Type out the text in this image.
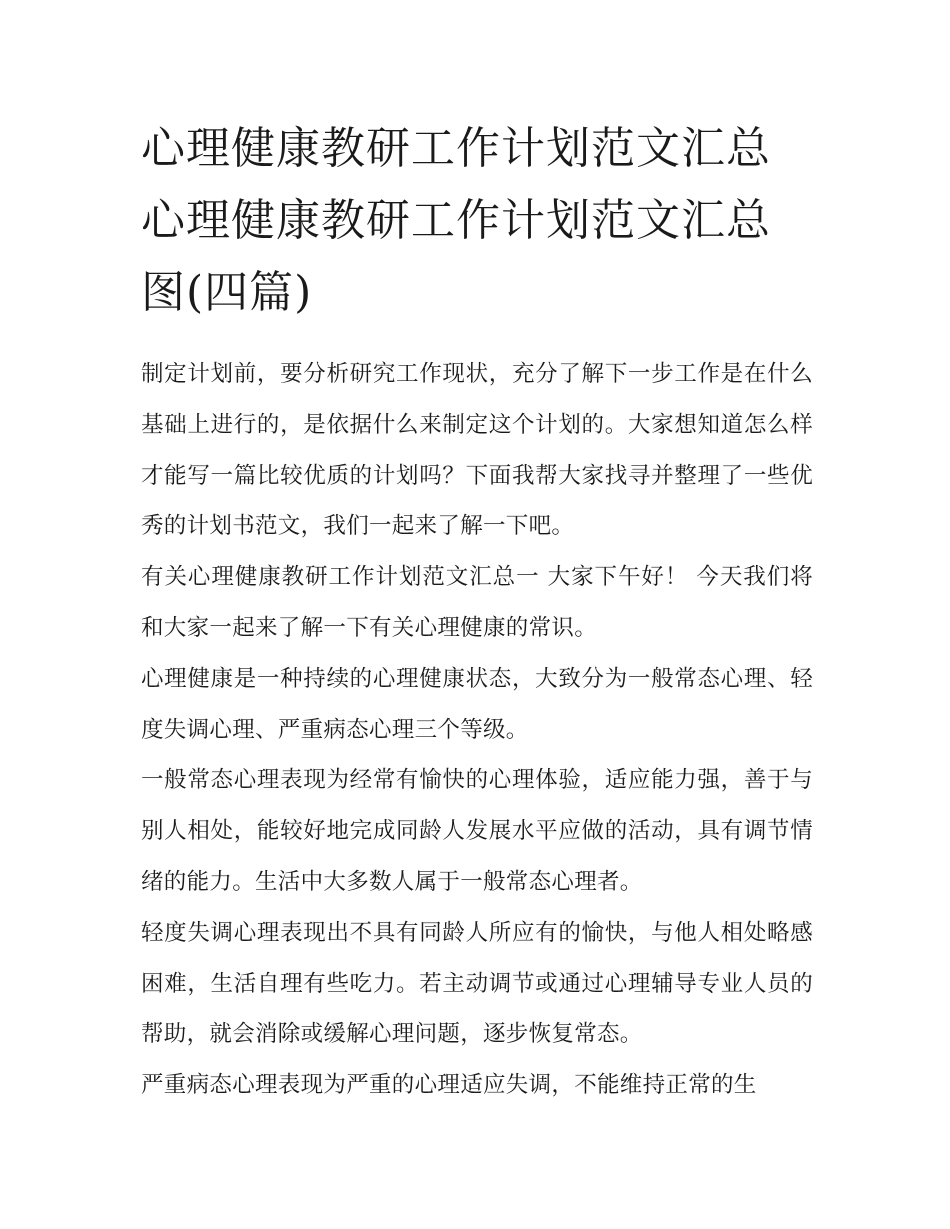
心理健康教研工作计划范文汇总 心理健康教研工作计划范文汇总图(四篇)

制定计划前，要分析研究工作现状，充分了解下一步工作是在什么基础上进行的，是依据什么来制定这个计划的。大家想知道怎么样才能写一篇比较优质的计划吗？下面我帮大家找寻并整理了一些优秀的计划书范文，我们一起来了解一下吧。

有关心理健康教研工作计划范文汇总一 大家下午好！ 今天我们将和大家一起来了解一下有关心理健康的常识。

心理健康是一种持续的心理健康状态，大致分为一般常态心理、轻度失调心理、严重病态心理三个等级。

一般常态心理表现为经常有愉快的心理体验，适应能力强，善于与别人相处，能较好地完成同龄人发展水平应做的活动，具有调节情绪的能力。生活中大多数人属于一般常态心理者。

轻度失调心理表现出不具有同龄人所应有的愉快，与他人相处略感困难，生活自理有些吃力。若主动调节或通过心理辅导专业人员的帮助，就会消除或缓解心理问题，逐步恢复常态。

严重病态心理表现为严重的心理适应失调，不能维持正常的生
